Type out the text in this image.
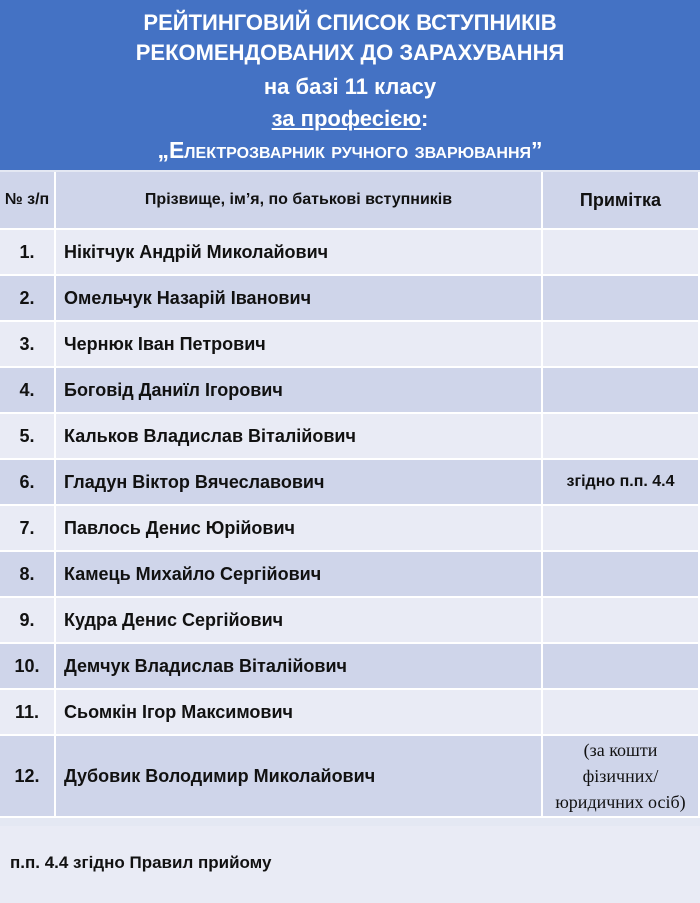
РЕЙТИНГОВИЙ СПИСОК ВСТУПНИКІВ
РЕКОМЕНДОВАНИХ ДО ЗАРАХУВАННЯ
на базі 11 класу
за професією:
„Електрозварник ручного зварювання”
№ з/п	Прізвище, ім’я, по батькові вступників	Примітка
1.	Нікітчук Андрій Миколайович	
2.	Омельчук Назарій Іванович	
3.	Чернюк Іван Петрович	
4.	Боговід Даниїл Ігорович	
5.	Кальков Владислав Віталійович	
6.	Гладун Віктор Вячеславович	згідно п.п. 4.4
7.	Павлось Денис Юрійович	
8.	Камець Михайло Сергійович	
9.	Кудра Денис Сергійович	
10.	Демчук Владислав Віталійович	
11.	Сьомкін Ігор Максимович	
12.	Дубовик Володимир Миколайович	(за кошти фізичних/юридичних осіб)
п.п. 4.4 згідно Правил прийому
